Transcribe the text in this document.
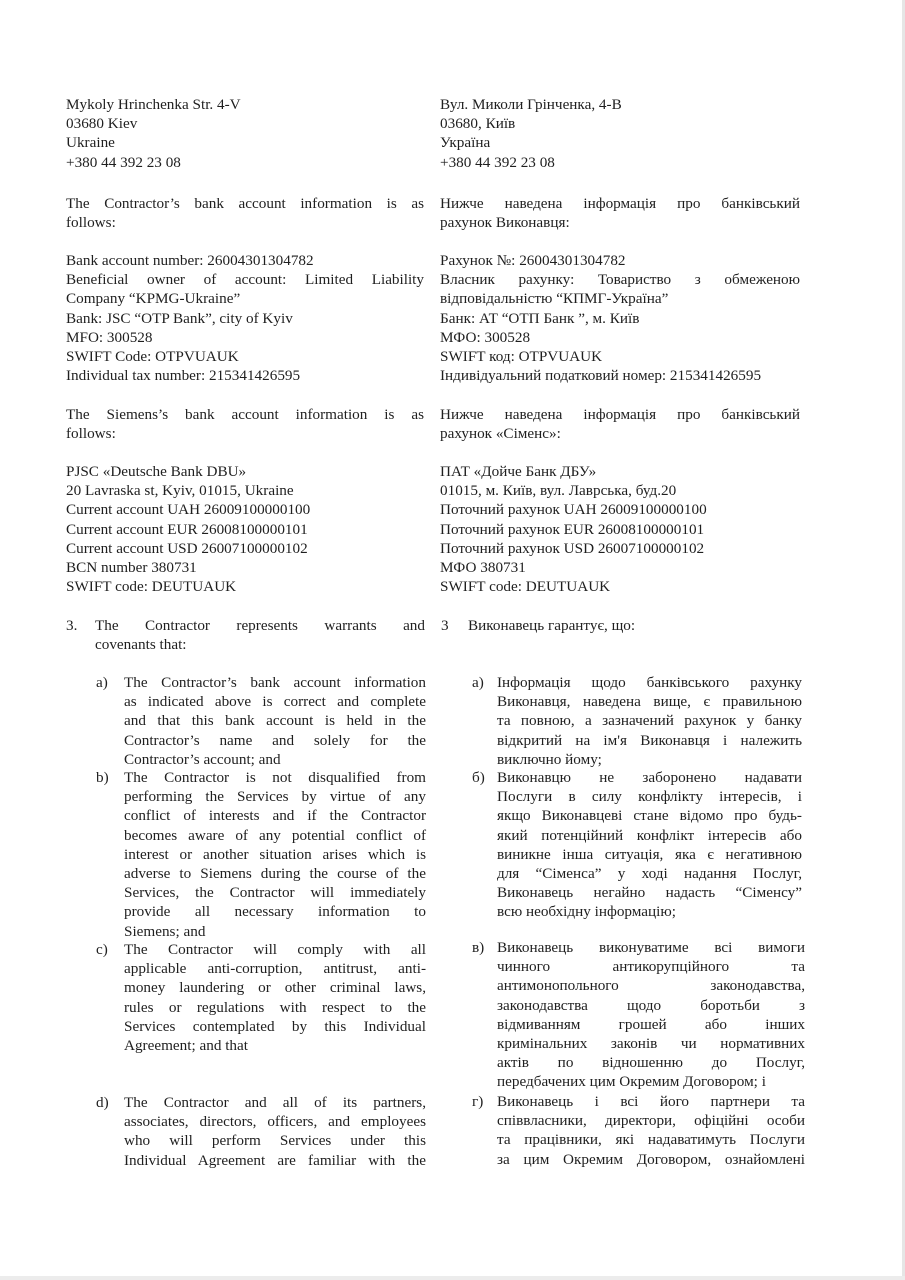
Mykoly Hrinchenka Str. 4-V
03680 Kiev
Ukraine
+380 44 392 23 08
The Contractor’s bank account information is as
follows:
Bank account number: 26004301304782
Beneficial owner of account: Limited Liability
Company “KPMG-Ukraine”
Bank: JSC “OTP Bank”, city of Kyiv
MFO: 300528
SWIFT Code: OTPVUAUK
Individual tax number: 215341426595
The Siemens’s bank account information is as
follows:
PJSC «Deutsche Bank DBU»
20 Lavraska st, Kyiv, 01015, Ukraine
Current account UAH 26009100000100
Current account EUR 26008100000101
Current account USD 26007100000102
BCN number 380731
SWIFT code: DEUTUAUK
3. The Contractor represents warrants and
covenants that:
a) The Contractor’s bank account information
as indicated above is correct and complete
and that this bank account is held in the
Contractor’s name and solely for the
Contractor’s account; and
b) The Contractor is not disqualified from
performing the Services by virtue of any
conflict of interests and if the Contractor
becomes aware of any potential conflict of
interest or another situation arises which is
adverse to Siemens during the course of the
Services, the Contractor will immediately
provide all necessary information to
Siemens; and
c) The Contractor will comply with all
applicable anti-corruption, antitrust, anti-
money laundering or other criminal laws,
rules or regulations with respect to the
Services contemplated by this Individual
Agreement; and that
d) The Contractor and all of its partners,
associates, directors, officers, and employees
who will perform Services under this
Individual Agreement are familiar with the
Вул. Миколи Грінченка, 4-В
03680, Київ
Україна
+380 44 392 23 08
Нижче наведена інформація про банківський
рахунок Виконавця:
Рахунок №: 26004301304782
Власник рахунку: Товариство з обмеженою
відповідальністю “КПМГ-Україна”
Банк: АТ “ОТП Банк ”, м. Київ
МФО: 300528
SWIFT код: OTPVUAUK
Індивідуальний податковий номер: 215341426595
Нижче наведена інформація про банківський
рахунок «Сіменс»:
ПАТ «Дойче Банк ДБУ»
01015, м. Київ, вул. Лаврська, буд.20
Поточний рахунок UAH 26009100000100
Поточний рахунок EUR 26008100000101
Поточний рахунок USD 26007100000102
МФО 380731
SWIFT code: DEUTUAUK
3 Виконавець гарантує, що:
а) Інформація щодо банківського рахунку
Виконавця, наведена вище, є правильною
та повною, а зазначений рахунок у банку
відкритий на ім'я Виконавця і належить
виключно йому;
б) Виконавцю не заборонено надавати
Послуги в силу конфлікту інтересів, і
якщо Виконавцеві стане відомо про будь-
який потенційний конфлікт інтересів або
виникне інша ситуація, яка є негативною
для “Сіменса” у ході надання Послуг,
Виконавець негайно надасть “Сіменсу”
всю необхідну інформацію;
в) Виконавець виконуватиме всі вимоги
чинного антикорупційного та
антимонопольного законодавства,
законодавства щодо боротьби з
відмиванням грошей або інших
кримінальних законів чи нормативних
актів по відношенню до Послуг,
передбачених цим Окремим Договором; і
г) Виконавець і всі його партнери та
співвласники, директори, офіційні особи
та працівники, які надаватимуть Послуги
за цим Окремим Договором, ознайомлені
